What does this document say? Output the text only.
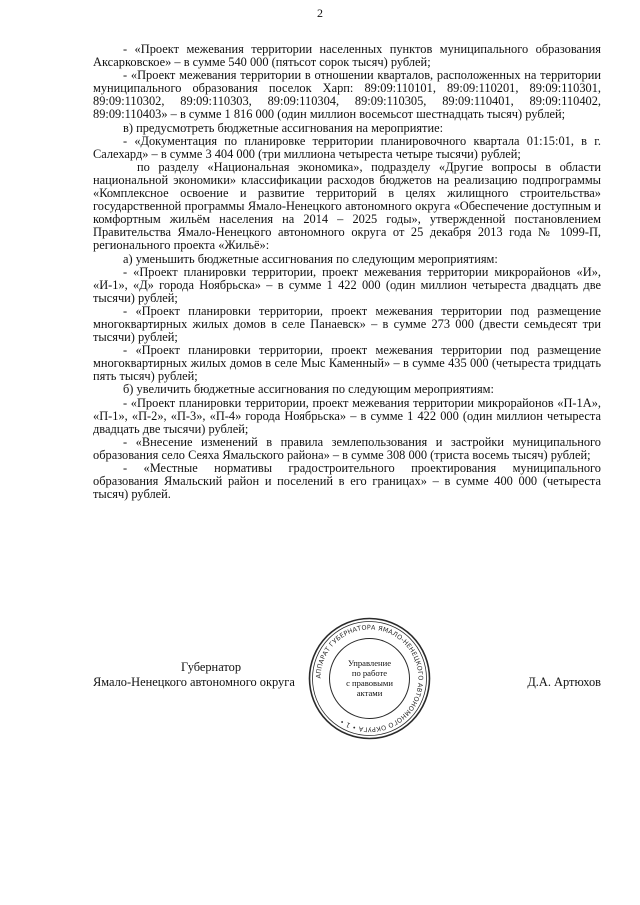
2

- «Проект межевания территории населенных пунктов муниципального образования Аксарковское» – в сумме 540 000 (пятьсот сорок тысяч) рублей;

- «Проект межевания территории в отношении кварталов, расположенных на территории муниципального образования поселок Харп: 89:09:110101, 89:09:110201, 89:09:110301, 89:09:110302, 89:09:110303, 89:09:110304, 89:09:110305, 89:09:110401, 89:09:110402, 89:09:110403» – в сумме 1 816 000 (один миллион восемьсот шестнадцать тысяч) рублей;

в) предусмотреть бюджетные ассигнования на мероприятие:

- «Документация по планировке территории планировочного квартала 01:15:01, в г. Салехард» – в сумме 3 404 000 (три миллиона четыреста четыре тысячи) рублей;

по разделу «Национальная экономика», подразделу «Другие вопросы в области национальной экономики» классификации расходов бюджетов на реализацию подпрограммы «Комплексное освоение и развитие территорий в целях жилищного строительства» государственной программы Ямало-Ненецкого автономного округа «Обеспечение доступным и комфортным жильём населения на 2014 – 2025 годы», утвержденной постановлением Правительства Ямало-Ненецкого автономного округа от 25 декабря 2013 года № 1099-П, регионального проекта «Жильё»:

а) уменьшить бюджетные ассигнования по следующим мероприятиям:

- «Проект планировки территории, проект межевания территории микрорайонов «И», «И-1», «Д» города Ноябрьска» – в сумме 1 422 000 (один миллион четыреста двадцать две тысячи) рублей;

- «Проект планировки территории, проект межевания территории под размещение многоквартирных жилых домов в селе Панаевск» – в сумме 273 000 (двести семьдесят три тысячи) рублей;

- «Проект планировки территории, проект межевания территории под размещение многоквартирных жилых домов в селе Мыс Каменный» – в сумме 435 000 (четыреста тридцать пять тысяч) рублей;

б) увеличить бюджетные ассигнования по следующим мероприятиям:

- «Проект планировки территории, проект межевания территории микрорайонов «П-1А», «П-1», «П-2», «П-3», «П-4» города Ноябрьска» – в сумме 1 422 000 (один миллион четыреста двадцать две тысячи) рублей;

- «Внесение изменений в правила землепользования и застройки муниципального образования село Сеяха Ямальского района» – в сумме 308 000 (триста восемь тысяч) рублей;

- «Местные нормативы градостроительного проектирования муниципального образования Ямальский район и поселений в его границах» – в сумме 400 000 (четыреста тысяч) рублей.

Губернатор
Ямало-Ненецкого автономного округа	Д.А. Артюхов
АППАРАТ ГУБЕРНАТОРА ЯМАЛО-НЕНЕЦКОГО АВТОНОМНОГО ОКРУГА • 1 •
Управление
по работе
с правовыми
актами
